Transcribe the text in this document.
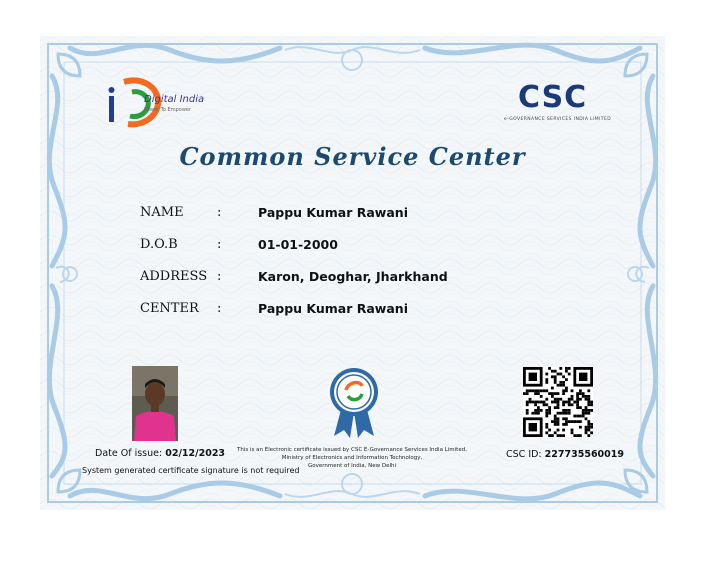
Digital India
Power To Empower	CSC
e-GOVERNANCE SERVICES INDIA LIMITED
Common Service Center
NAME	:	Pappu Kumar Rawani
D.O.B	:	01-01-2000
ADDRESS :	Karon, Deoghar, Jharkhand
CENTER :	Pappu Kumar Rawani
Date Of issue: 02/12/2023
System generated certificate signature is not required
This is an Electronic certificate issued by CSC E-Governance Services India Limited,
Ministry of Electronics and Information Technology,
Government of India, New Delhi
CSC ID: 227735560019
